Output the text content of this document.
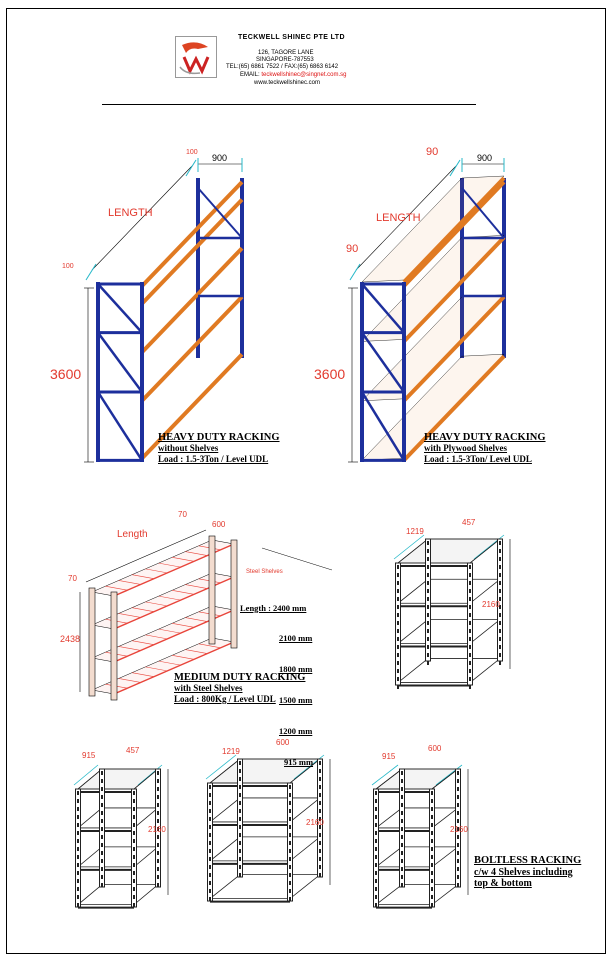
TECKWELL SHINEC PTE LTD
126, TAGORE LANE
SINGAPORE-787553
TEL:(65) 6861 7522 / FAX:(65) 6863 6142
EMAIL: teckwellshinec@singnet.com.sg
www.teckwellshinec.com
100
900
100
LENGTH
3600
90	900
90
LENGTH
3600
Length
70
600
70
2438
Steel Shelves
1219
457
2160
915
457
2160
1219
600
2160
915
600
2160
HEAVY DUTY RACKING
without Shelves
Load : 1.5-3Ton / Level UDL
HEAVY DUTY RACKING
with Plywood Shelves
Load : 1.5-3Ton/ Level UDL

Length : 2400 mm

2100 mm

1800 mm

1500 mm

1200 mm

915 mm

MEDIUM DUTY RACKING
with Steel Shelves
Load : 800Kg / Level UDL
BOLTLESS RACKING
c/w 4 Shelves including
top & bottom
